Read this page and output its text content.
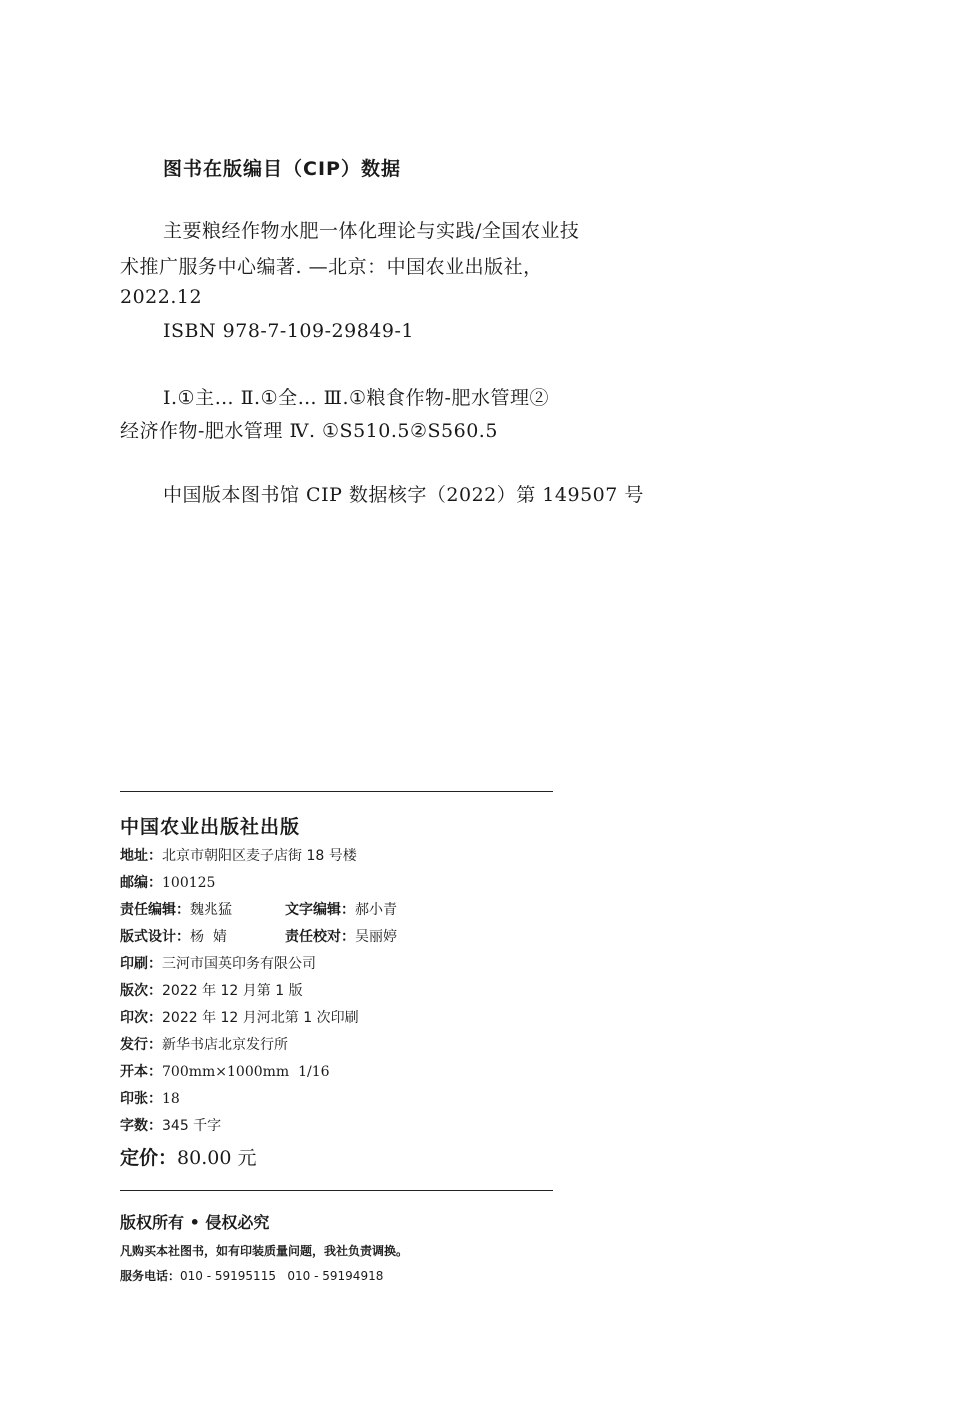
图书在版编目（CIP）数据
主要粮经作物水肥一体化理论与实践/全国农业技
术推广服务中心编著. —北京：中国农业出版社，
2022.12
ISBN 978-7-109-29849-1
Ⅰ.①主… Ⅱ.①全… Ⅲ.①粮食作物-肥水管理②
经济作物-肥水管理 Ⅳ. ①S510.5②S560.5
中国版本图书馆 CIP 数据核字（2022）第 149507 号
中国农业出版社出版
地址：北京市朝阳区麦子店街 18 号楼
邮编：100125
责任编辑：魏兆猛	文字编辑：郝小青
版式设计：杨  婧	责任校对：吴丽婷
印刷：三河市国英印务有限公司
版次：2022 年 12 月第 1 版
印次：2022 年 12 月河北第 1 次印刷
发行：新华书店北京发行所
开本：700mm×1000mm  1/16
印张：18
字数：345 千字
定价：80.00 元
版权所有 • 侵权必究
凡购买本社图书，如有印装质量问题，我社负责调换。
服务电话：010 - 59195115   010 - 59194918
